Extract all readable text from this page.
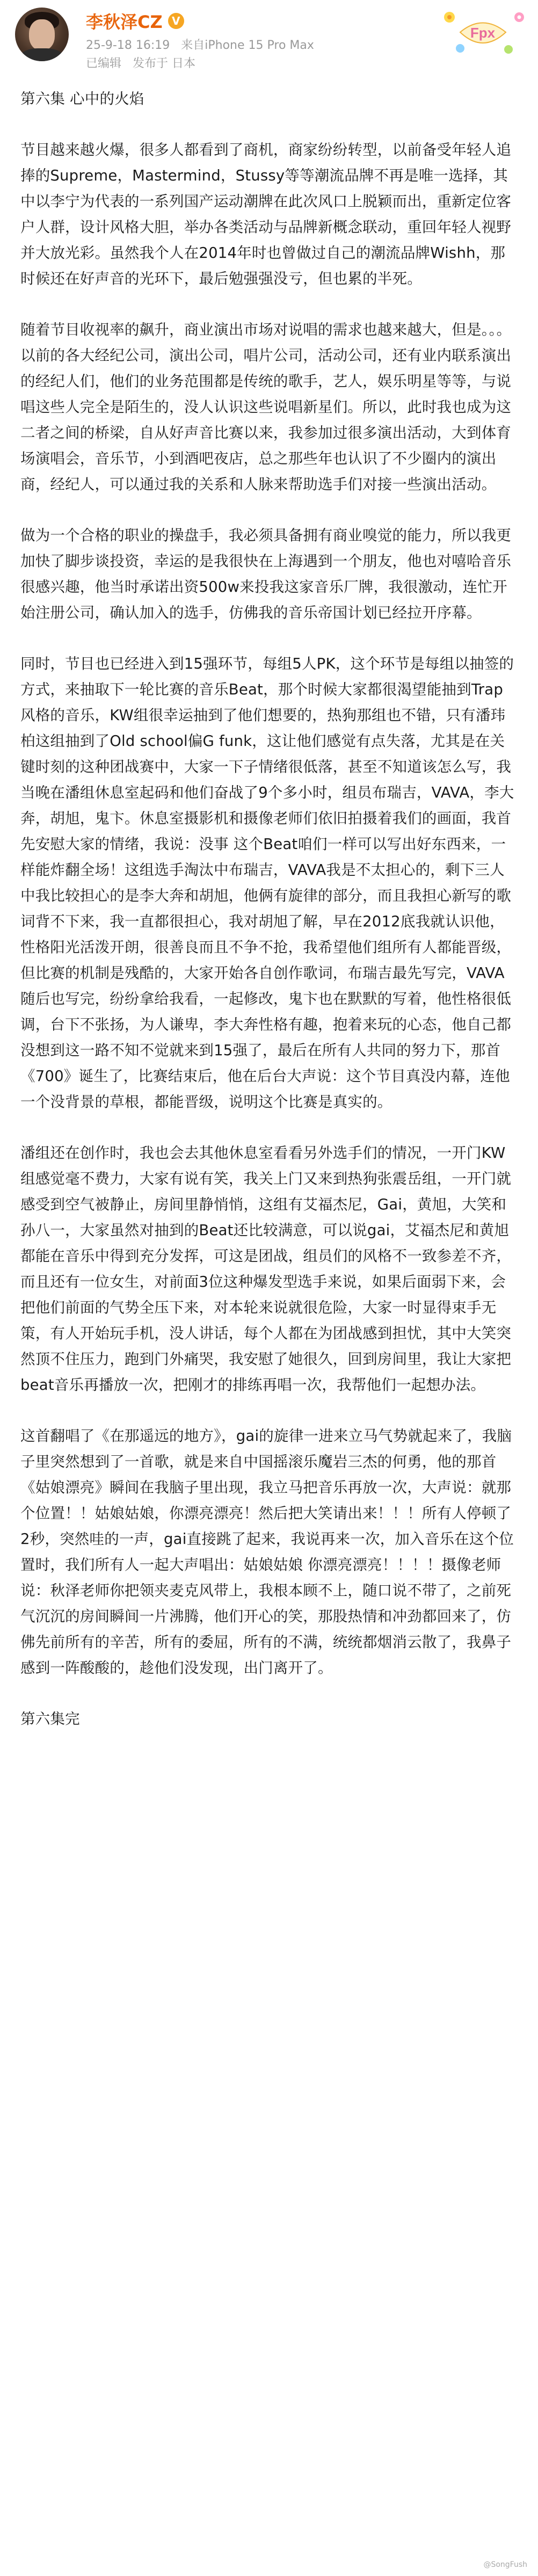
李秋泽CZ V
25-9-18 16:19 来自iPhone 15 Pro Max
已编辑 发布于 日本
Fpx

第六集 心中的火焰

节目越来越火爆，很多人都看到了商机，商家纷纷转型，以前备受年轻人追捧的Supreme，Mastermind，Stussy等等潮流品牌不再是唯一选择，其中以李宁为代表的一系列国产运动潮牌在此次风口上脱颖而出，重新定位客户人群，设计风格大胆，举办各类活动与品牌新概念联动，重回年轻人视野并大放光彩。虽然我个人在2014年时也曾做过自己的潮流品牌Wishh，那时候还在好声音的光环下，最后勉强强没亏，但也累的半死。

随着节目收视率的飙升，商业演出市场对说唱的需求也越来越大，但是。。。以前的各大经纪公司，演出公司，唱片公司，活动公司，还有业内联系演出的经纪人们，他们的业务范围都是传统的歌手，艺人，娱乐明星等等，与说唱这些人完全是陌生的，没人认识这些说唱新星们。所以，此时我也成为这二者之间的桥梁，自从好声音比赛以来，我参加过很多演出活动，大到体育场演唱会，音乐节，小到酒吧夜店，总之那些年也认识了不少圈内的演出商，经纪人，可以通过我的关系和人脉来帮助选手们对接一些演出活动。

做为一个合格的职业的操盘手，我必须具备拥有商业嗅觉的能力，所以我更加快了脚步谈投资，幸运的是我很快在上海遇到一个朋友，他也对嘻哈音乐很感兴趣，他当时承诺出资500w来投我这家音乐厂牌，我很激动，连忙开始注册公司，确认加入的选手，仿佛我的音乐帝国计划已经拉开序幕。

同时，节目也已经进入到15强环节，每组5人PK，这个环节是每组以抽签的方式，来抽取下一轮比赛的音乐Beat，那个时候大家都很渴望能抽到Trap风格的音乐，KW组很幸运抽到了他们想要的，热狗那组也不错，只有潘玮柏这组抽到了Old school偏G funk，这让他们感觉有点失落，尤其是在关键时刻的这种团战赛中，大家一下子情绪很低落，甚至不知道该怎么写，我当晚在潘组休息室起码和他们奋战了9个多小时，组员布瑞吉，VAVA，李大奔，胡旭，鬼卞。休息室摄影机和摄像老师们依旧拍摄着我们的画面，我首先安慰大家的情绪，我说：没事 这个Beat咱们一样可以写出好东西来，一样能炸翻全场！这组选手淘汰中布瑞吉，VAVA我是不太担心的，剩下三人中我比较担心的是李大奔和胡旭，他俩有旋律的部分，而且我担心新写的歌词背不下来，我一直都很担心，我对胡旭了解，早在2012底我就认识他，性格阳光活泼开朗，很善良而且不争不抢，我希望他们组所有人都能晋级，但比赛的机制是残酷的，大家开始各自创作歌词，布瑞吉最先写完，VAVA随后也写完，纷纷拿给我看，一起修改，鬼卞也在默默的写着，他性格很低调，台下不张扬，为人谦卑，李大奔性格有趣，抱着来玩的心态，他自己都没想到这一路不知不觉就来到15强了，最后在所有人共同的努力下，那首《700》诞生了，比赛结束后，他在后台大声说：这个节目真没内幕，连他一个没背景的草根，都能晋级，说明这个比赛是真实的。

潘组还在创作时，我也会去其他休息室看看另外选手们的情况，一开门KW组感觉毫不费力，大家有说有笑，我关上门又来到热狗张震岳组，一开门就感受到空气被静止，房间里静悄悄，这组有艾福杰尼，Gai，黄旭，大笑和孙八一，大家虽然对抽到的Beat还比较满意，可以说gai，艾福杰尼和黄旭都能在音乐中得到充分发挥，可这是团战，组员们的风格不一致参差不齐，而且还有一位女生，对前面3位这种爆发型选手来说，如果后面弱下来，会把他们前面的气势全压下来，对本轮来说就很危险，大家一时显得束手无策，有人开始玩手机，没人讲话，每个人都在为团战感到担忧，其中大笑突然顶不住压力，跑到门外痛哭，我安慰了她很久，回到房间里，我让大家把beat音乐再播放一次，把刚才的排练再唱一次，我帮他们一起想办法。

这首翻唱了《在那遥远的地方》，gai的旋律一进来立马气势就起来了，我脑子里突然想到了一首歌，就是来自中国摇滚乐魔岩三杰的何勇，他的那首《姑娘漂亮》瞬间在我脑子里出现，我立马把音乐再放一次，大声说：就那个位置！！姑娘姑娘，你漂亮漂亮！然后把大笑请出来！！！所有人停顿了2秒，突然哇的一声，gai直接跳了起来，我说再来一次，加入音乐在这个位置时，我们所有人一起大声唱出：姑娘姑娘 你漂亮漂亮！！！！摄像老师说：秋泽老师你把领夹麦克风带上，我根本顾不上，随口说不带了，之前死气沉沉的房间瞬间一片沸腾，他们开心的笑，那股热情和冲劲都回来了，仿佛先前所有的辛苦，所有的委屈，所有的不满，统统都烟消云散了，我鼻子感到一阵酸酸的，趁他们没发现，出门离开了。

第六集完

@SongFush
